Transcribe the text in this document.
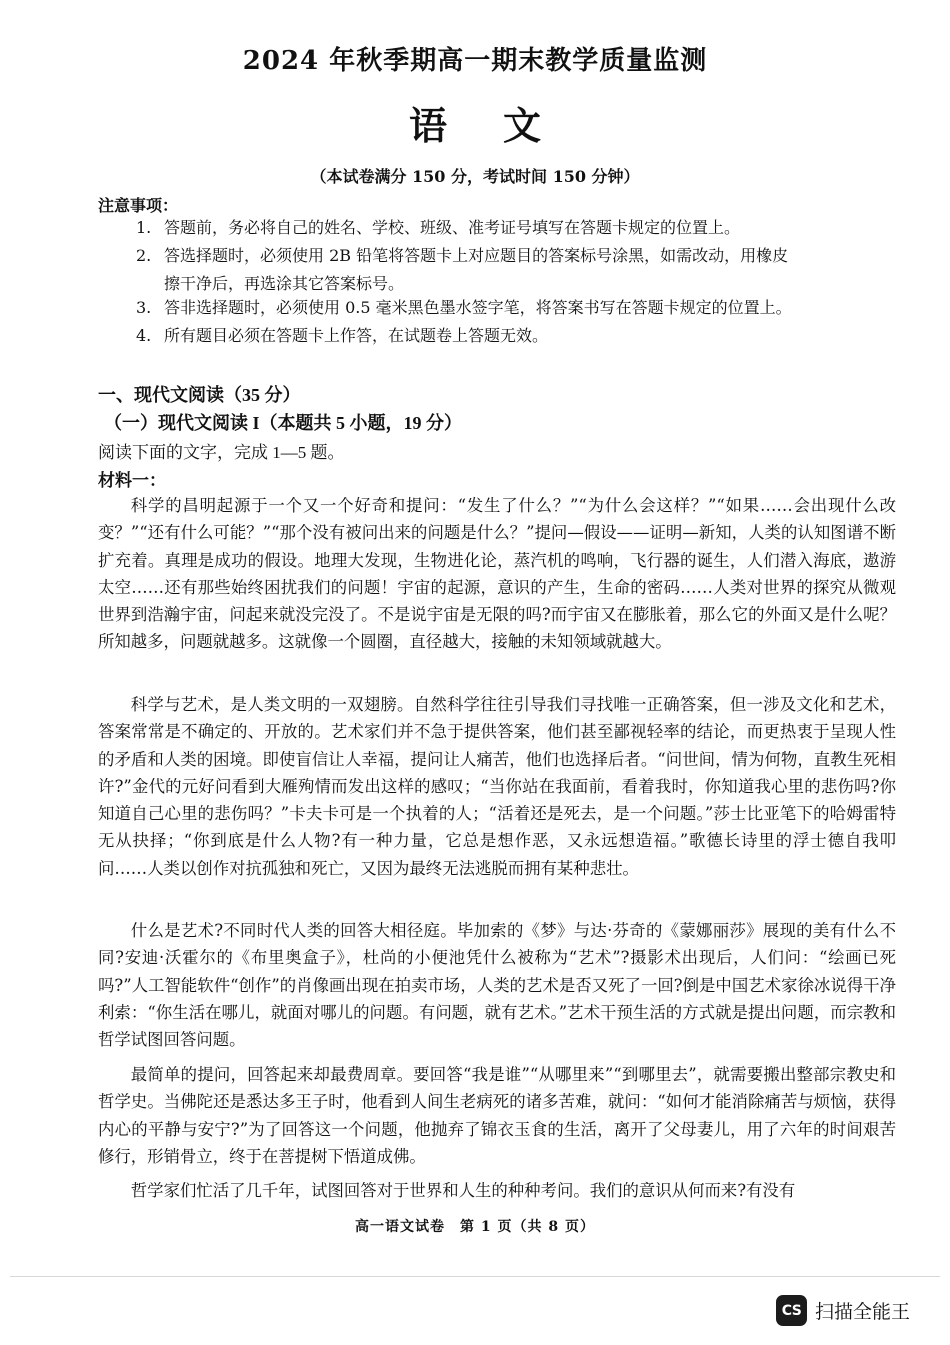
2024 年秋季期高一期末教学质量监测
语文
（本试卷满分 150 分，考试时间 150 分钟）
注意事项：
1. 答题前，务必将自己的姓名、学校、班级、准考证号填写在答题卡规定的位置上。
2. 答选择题时，必须使用 2B 铅笔将答题卡上对应题目的答案标号涂黑，如需改动，用橡皮
擦干净后，再选涂其它答案标号。
3. 答非选择题时，必须使用 0.5 毫米黑色墨水签字笔，将答案书写在答题卡规定的位置上。
4. 所有题目必须在答题卡上作答，在试题卷上答题无效。
一、现代文阅读（35 分）
（一）现代文阅读 I（本题共 5 小题，19 分）
阅读下面的文字，完成 1—5 题。
材料一：

科学的昌明起源于一个又一个好奇和提问：“发生了什么？”“为什么会这样？”“如果……会出现什么改变？”“还有什么可能？”“那个没有被问出来的问题是什么？”提问—假设——证明—新知，人类的认知图谱不断扩充着。真理是成功的假设。地理大发现，生物进化论，蒸汽机的鸣响，飞行器的诞生，人们潜入海底，遨游太空……还有那些始终困扰我们的问题！宇宙的起源，意识的产生，生命的密码……人类对世界的探究从微观世界到浩瀚宇宙，问起来就没完没了。不是说宇宙是无限的吗?而宇宙又在膨胀着，那么它的外面又是什么呢？所知越多，问题就越多。这就像一个圆圈，直径越大，接触的未知领域就越大。

科学与艺术，是人类文明的一双翅膀。自然科学往往引导我们寻找唯一正确答案，但一涉及文化和艺术，答案常常是不确定的、开放的。艺术家们并不急于提供答案，他们甚至鄙视轻率的结论，而更热衷于呈现人性的矛盾和人类的困境。即使盲信让人幸福，提问让人痛苦，他们也选择后者。“问世间，情为何物，直教生死相许?”金代的元好问看到大雁殉情而发出这样的感叹；“当你站在我面前，看着我时，你知道我心里的悲伤吗?你知道自己心里的悲伤吗？”卡夫卡可是一个执着的人；“活着还是死去，是一个问题。”莎士比亚笔下的哈姆雷特无从抉择；“你到底是什么人物?有一种力量，它总是想作恶，又永远想造福。”歌德长诗里的浮士德自我叩问……人类以创作对抗孤独和死亡，又因为最终无法逃脱而拥有某种悲壮。

什么是艺术?不同时代人类的回答大相径庭。毕加索的《梦》与达·芬奇的《蒙娜丽莎》展现的美有什么不同?安迪·沃霍尔的《布里奥盒子》，杜尚的小便池凭什么被称为“艺术”?摄影术出现后，人们问：“绘画已死吗?”人工智能软件“创作”的肖像画出现在拍卖市场，人类的艺术是否又死了一回?倒是中国艺术家徐冰说得干净利索：“你生活在哪儿，就面对哪儿的问题。有问题，就有艺术。”艺术干预生活的方式就是提出问题，而宗教和哲学试图回答问题。

最简单的提问，回答起来却最费周章。要回答“我是谁”“从哪里来”“到哪里去”，就需要搬出整部宗教史和哲学史。当佛陀还是悉达多王子时，他看到人间生老病死的诸多苦难，就问：“如何才能消除痛苦与烦恼，获得内心的平静与安宁?”为了回答这一个问题，他抛弃了锦衣玉食的生活，离开了父母妻儿，用了六年的时间艰苦修行，形销骨立，终于在菩提树下悟道成佛。

哲学家们忙活了几千年，试图回答对于世界和人生的种种考问。我们的意识从何而来?有没有

高一语文试卷　第 1 页（共 8 页）
CS 扫描全能王
